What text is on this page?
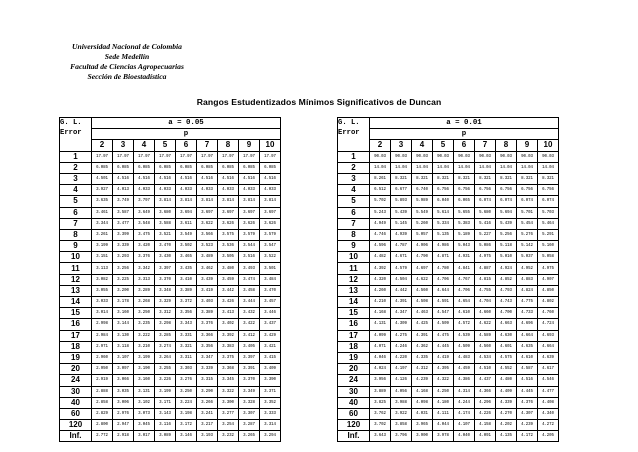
Universidad Nacional de Colombia
Sede Medellín
Facultad de Ciencias Agropecuarias
Sección de Bioestadística
Rangos Estudentizados Mínimos Significativos de Duncan
G. L.
Error	a = 0.05								
	p								
	2	3	4	5	6	7	8	9	10
1	17.97	17.97	17.97	17.97	17.97	17.97	17.97	17.97	17.97
2	6.085	6.085	6.085	6.085	6.085	6.085	6.085	6.085	6.085
3	4.501	4.516	4.516	4.516	4.516	4.516	4.516	4.516	4.516
4	3.927	4.013	4.033	4.033	4.033	4.033	4.033	4.033	4.033
5	3.635	3.749	3.797	3.814	3.814	3.814	3.814	3.814	3.814
6	3.461	3.587	3.649	3.680	3.694	3.697	3.697	3.697	3.697
7	3.344	3.477	3.548	3.588	3.611	3.622	3.626	3.626	3.626
8	3.261	3.399	3.475	3.521	3.549	3.566	3.575	3.579	3.579
9	3.199	3.339	3.420	3.470	3.502	3.523	3.536	3.544	3.547
10	3.151	3.293	3.376	3.430	3.465	3.489	3.505	3.516	3.522
11	3.113	3.256	3.342	3.397	3.435	3.462	3.480	3.493	3.501
12	3.082	3.225	3.313	3.370	3.410	3.439	3.459	3.474	3.484
13	3.055	3.200	3.289	3.348	3.389	3.419	3.442	3.458	3.470
14	3.033	3.178	3.268	3.329	3.372	3.403	3.426	3.444	3.457
15	3.014	3.160	3.250	3.312	3.356	3.389	3.413	3.432	3.446
16	2.998	3.144	3.235	3.298	3.343	3.376	3.402	3.422	3.437
17	2.984	3.130	3.222	3.285	3.331	3.366	3.392	3.412	3.429
18	2.971	3.118	3.210	3.274	3.321	3.356	3.383	3.405	3.421
19	2.960	3.107	3.199	3.264	3.311	3.347	3.375	3.397	3.415
20	2.950	3.097	3.190	3.255	3.303	3.339	3.368	3.391	3.409
24	2.919	3.066	3.160	3.226	3.276	3.315	3.345	3.370	3.390
30	2.888	3.035	3.131	3.199	3.250	3.290	3.322	3.349	3.371
40	2.858	3.006	3.102	3.171	3.224	3.266	3.300	3.328	3.352
60	2.829	2.976	3.073	3.143	3.198	3.241	3.277	3.307	3.333
120	2.800	2.947	3.045	3.116	3.172	3.217	3.254	3.287	3.314
Inf.	2.772	2.918	3.017	3.089	3.146	3.193	3.232	3.265	3.294
G. L.
Error	a = 0.01								
	p								
	2	3	4	5	6	7	8	9	10
1	90.03	90.03	90.03	90.03	90.03	90.03	90.03	90.03	90.03
2	14.04	14.04	14.04	14.04	14.04	14.04	14.04	14.04	14.04
3	8.261	8.321	8.321	8.321	8.321	8.321	8.321	8.321	8.321
4	6.512	6.677	6.740	6.756	6.756	6.756	6.756	6.756	6.756
5	5.702	5.893	5.989	6.040	6.065	6.074	6.074	6.074	6.074
6	5.243	5.439	5.549	5.614	5.655	5.680	5.694	5.701	5.703
7	4.949	5.145	5.260	5.334	5.383	5.416	5.439	5.454	5.464
8	4.746	4.939	5.057	5.135	5.189	5.227	5.256	5.276	5.291
9	4.596	4.787	4.906	4.986	5.043	5.086	5.118	5.142	5.160
10	4.482	4.671	4.790	4.871	4.931	4.975	5.010	5.037	5.058
11	4.392	4.579	4.697	4.780	4.841	4.887	4.924	4.952	4.975
12	4.320	4.504	4.622	4.706	4.767	4.815	4.852	4.883	4.907
13	4.260	4.442	4.560	4.644	4.706	4.755	4.793	4.824	4.850
14	4.210	4.391	4.508	4.591	4.654	4.704	4.743	4.775	4.802
15	4.168	4.347	4.463	4.547	4.610	4.660	4.700	4.733	4.760
16	4.131	4.309	4.425	4.509	4.572	4.622	4.663	4.696	4.724
17	4.099	4.275	4.391	4.475	4.539	4.589	4.630	4.664	4.693
18	4.071	4.246	4.362	4.445	4.509	4.560	4.601	4.635	4.664
19	4.046	4.220	4.335	4.419	4.483	4.534	4.575	4.610	4.639
20	4.024	4.197	4.312	4.395	4.459	4.510	4.552	4.587	4.617
24	3.956	4.126	4.239	4.322	4.386	4.437	4.480	4.516	4.546
30	3.889	4.056	4.168	4.250	4.314	4.366	4.409	4.445	4.477
40	3.825	3.988	4.098	4.180	4.244	4.296	4.339	4.376	4.408
60	3.762	3.922	4.031	4.111	4.174	4.226	4.270	4.307	4.340
120	3.702	3.858	3.965	4.044	4.107	4.158	4.202	4.239	4.272
Inf.	3.643	3.796	3.900	3.978	4.040	4.091	4.135	4.172	4.205
